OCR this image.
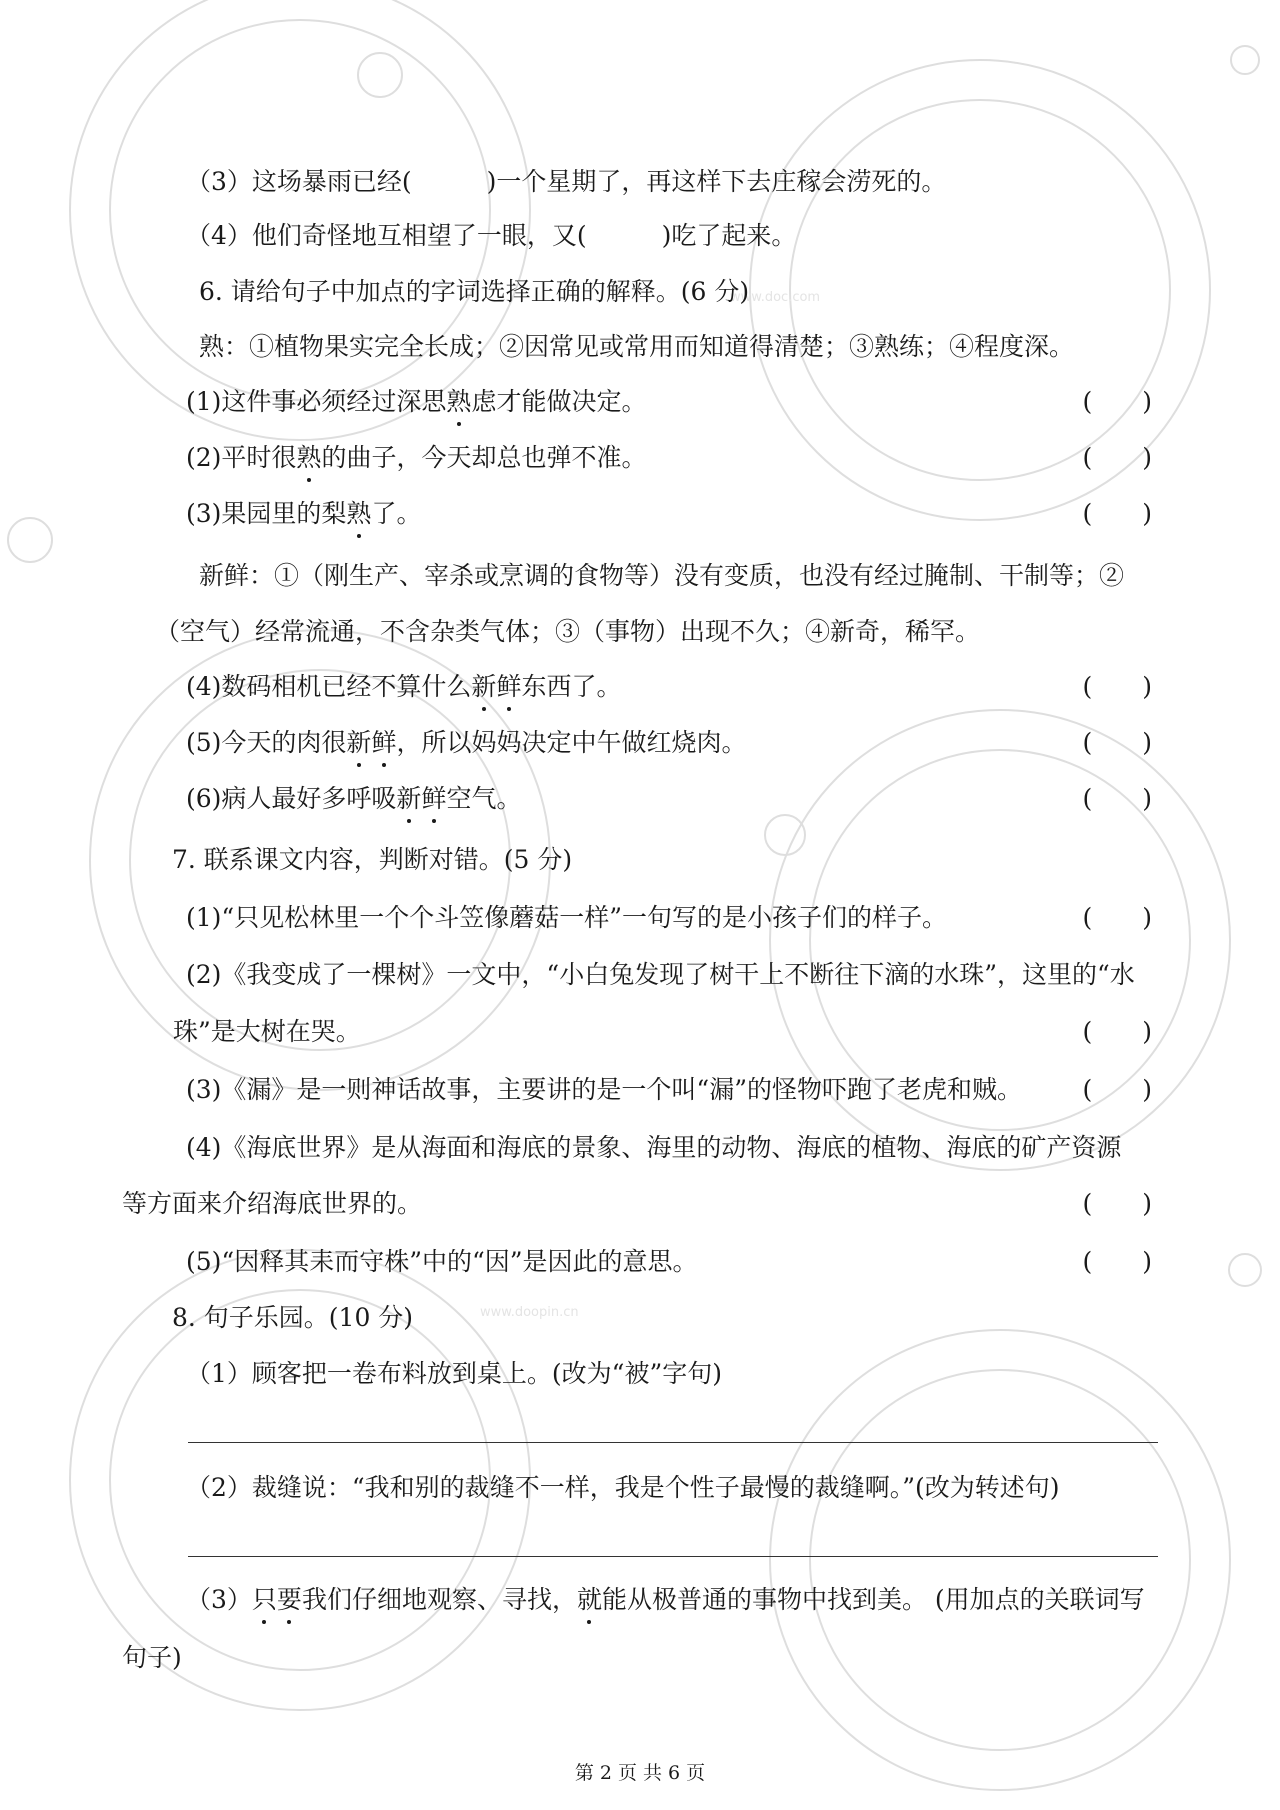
www.doc.com
www.doopin.cn
（3）这场暴雨已经(　　　)一个星期了，再这样下去庄稼会涝死的。
（4）他们奇怪地互相望了一眼，又(　　　)吃了起来。
6. 请给句子中加点的字词选择正确的解释。(6 分)
熟：①植物果实完全长成；②因常见或常用而知道得清楚；③熟练；④程度深。
(1)这件事必须经过深思熟虑才能做决定。	(　　)
(2)平时很熟的曲子，今天却总也弹不准。	(　　)
(3)果园里的梨熟了。	(　　)
新鲜：①（刚生产、宰杀或烹调的食物等）没有变质，也没有经过腌制、干制等；②
（空气）经常流通，不含杂类气体；③（事物）出现不久；④新奇，稀罕。
(4)数码相机已经不算什么新鲜东西了。	(　　)
(5)今天的肉很新鲜，所以妈妈决定中午做红烧肉。	(　　)
(6)病人最好多呼吸新鲜空气。	(　　)
7. 联系课文内容，判断对错。(5 分)
(1)“只见松林里一个个斗笠像蘑菇一样”一句写的是小孩子们的样子。	(　　)
(2)《我变成了一棵树》一文中，“小白兔发现了树干上不断往下滴的水珠”，这里的“水
珠”是大树在哭。	(　　)
(3)《漏》是一则神话故事，主要讲的是一个叫“漏”的怪物吓跑了老虎和贼。 (　　)
(4)《海底世界》是从海面和海底的景象、海里的动物、海底的植物、海底的矿产资源
等方面来介绍海底世界的。	(　　)
(5)“因释其耒而守株”中的“因”是因此的意思。	(　　)
8. 句子乐园。(10 分)
（1）顾客把一卷布料放到桌上。(改为“被”字句)
（2）裁缝说：“我和别的裁缝不一样，我是个性子最慢的裁缝啊。”(改为转述句)
（3）只要我们仔细地观察、寻找，就能从极普通的事物中找到美。 (用加点的关联词写
句子)
第 2 页 共 6 页
